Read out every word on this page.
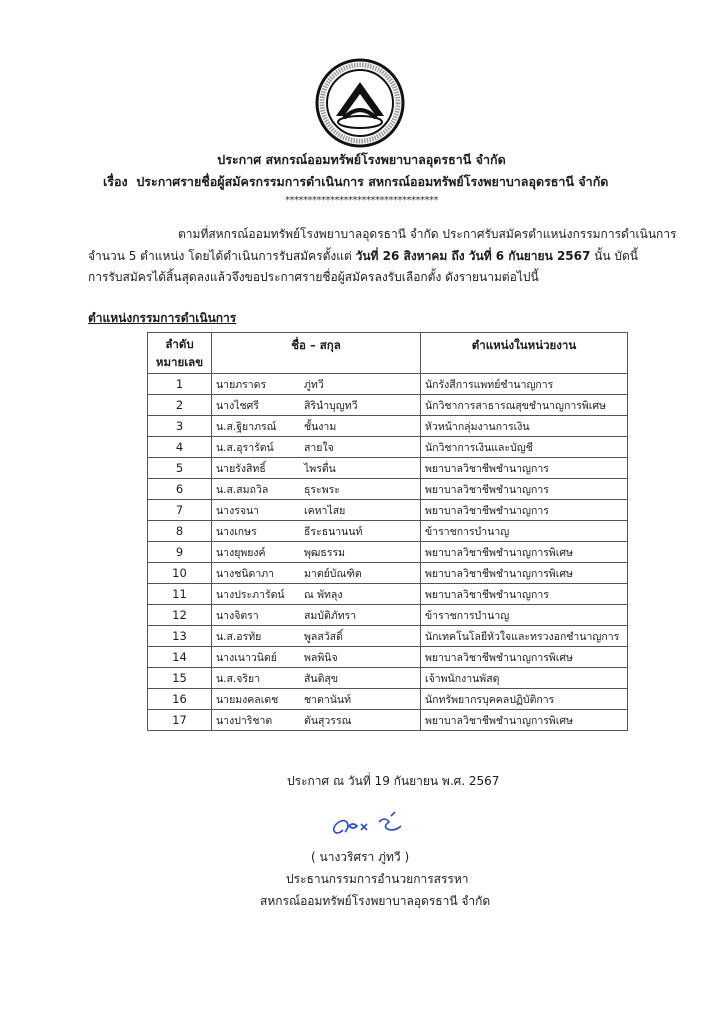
ประกาศ สหกรณ์ออมทรัพย์โรงพยาบาลอุดรธานี จำกัด
เรื่อง ประกาศรายชื่อผู้สมัครกรรมการดำเนินการ สหกรณ์ออมทรัพย์โรงพยาบาลอุดรธานี จำกัด
**********************************
ตามที่สหกรณ์ออมทรัพย์โรงพยาบาลอุดรธานี จำกัด ประกาศรับสมัครตำแหน่งกรรมการดำเนินการ
จำนวน 5 ตำแหน่ง โดยได้ดำเนินการรับสมัครตั้งแต่ วันที่ 26 สิงหาคม ถึง วันที่ 6 กันยายน 2567 นั้น บัดนี้
การรับสมัครได้สิ้นสุดลงแล้วจึงขอประกาศรายชื่อผู้สมัครลงรับเลือกตั้ง ดังรายนามต่อไปนี้
ตำแหน่งกรรมการดำเนินการ
ลำดับ
หมายเลข	ชื่อ – สกุล	ตำแหน่งในหน่วยงาน
1	นายภราดร ภู่ทวี	นักรังสีการแพทย์ชำนาญการ
2	นางไชศรี สิรินำบุญทวี	นักวิชาการสาธารณสุขชำนาญการพิเศษ
3	น.ส.ฐิยาภรณ์ ชั้นงาม	หัวหน้ากลุ่มงานการเงิน
4	น.ส.อุรารัตน์ สายใจ	นักวิชาการเงินและบัญชี
5	นายรังสิทธิ์ ไพรตื่น	พยาบาลวิชาชีพชำนาญการ
6	น.ส.สมถวิล ธุระพระ	พยาบาลวิชาชีพชำนาญการ
7	นางรจนา เคหาไสย	พยาบาลวิชาชีพชำนาญการ
8	นางเกษร ธีระธนานนท์	ข้าราชการบำนาญ
9	นางยุพยงค์ พุฒธรรม	พยาบาลวิชาชีพชำนาญการพิเศษ
10	นางชนิดาภา มาตย์บัณฑิต	พยาบาลวิชาชีพชำนาญการพิเศษ
11	นางประภารัตน์ ณ พัทลุง	พยาบาลวิชาชีพชำนาญการ
12	นางจิตรา สมบัติภัทรา	ข้าราชการบำนาญ
13	น.ส.อรทัย พูลสวัสดิ์	นักเทคโนโลยีหัวใจและทรวงอกชำนาญการ
14	นางเนาวนิตย์ พลพินิจ	พยาบาลวิชาชีพชำนาญการพิเศษ
15	น.ส.จริยา สันติสุข	เจ้าพนักงานพัสดุ
16	นายมงคลเดช ชาตานันท์	นักทรัพยากรบุคคลปฏิบัติการ
17	นางปาริชาต ตันสุวรรณ	พยาบาลวิชาชีพชำนาญการพิเศษ
ประกาศ ณ วันที่ 19 กันยายน พ.ศ. 2567
( นางวริศรา ภู่ทวี )
ประธานกรรมการอำนวยการสรรหา
สหกรณ์ออมทรัพย์โรงพยาบาลอุดรธานี จำกัด
